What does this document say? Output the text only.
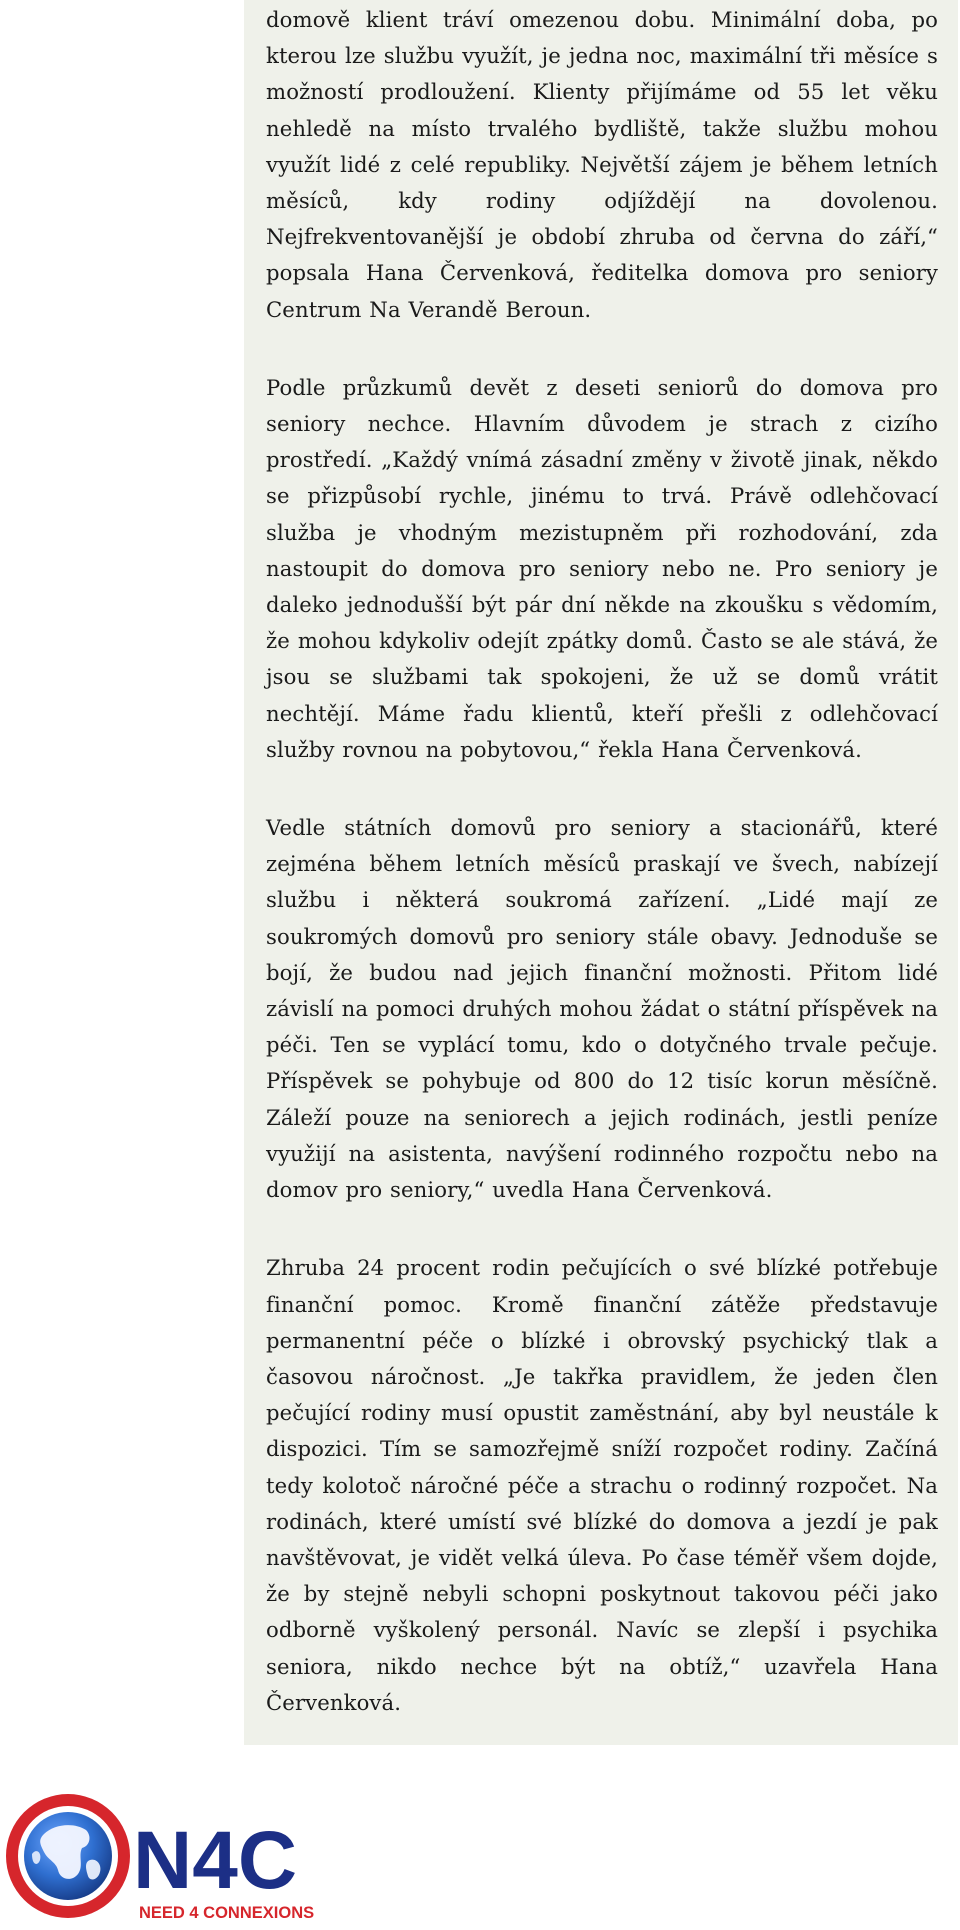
domově klient tráví omezenou dobu. Minimální doba, po kterou lze službu využít, je jedna noc, maximální tři měsíce s možností prodloužení. Klienty přijímáme od 55 let věku nehledě na místo trvalého bydliště, takže službu mohou využít lidé z celé republiky. Největší zájem je během letních měsíců, kdy rodiny odjíždějí na dovolenou. Nejfrekventovanější je období zhruba od června do září,“ popsala Hana Červenková, ředitelka domova pro seniory Centrum Na Verandě Beroun.

Podle průzkumů devět z deseti seniorů do domova pro seniory nechce. Hlavním důvodem je strach z cizího prostředí. „Každý vnímá zásadní změny v životě jinak, někdo se přizpůsobí rychle, jinému to trvá. Právě odlehčovací služba je vhodným mezistupněm při rozhodování, zda nastoupit do domova pro seniory nebo ne. Pro seniory je daleko jednodušší být pár dní někde na zkoušku s vědomím, že mohou kdykoliv odejít zpátky domů. Často se ale stává, že jsou se službami tak spokojeni, že už se domů vrátit nechtějí. Máme řadu klientů, kteří přešli z odlehčovací služby rovnou na pobytovou,“ řekla Hana Červenková.

Vedle státních domovů pro seniory a stacionářů, které zejména během letních měsíců praskají ve švech, nabízejí službu i některá soukromá zařízení. „Lidé mají ze soukromých domovů pro seniory stále obavy. Jednoduše se bojí, že budou nad jejich finanční možnosti. Přitom lidé závislí na pomoci druhých mohou žádat o státní příspěvek na péči. Ten se vyplácí tomu, kdo o dotyčného trvale pečuje. Příspěvek se pohybuje od 800 do 12 tisíc korun měsíčně. Záleží pouze na seniorech a jejich rodinách, jestli peníze využijí na asistenta, navýšení rodinného rozpočtu nebo na domov pro seniory,“ uvedla Hana Červenková.

Zhruba 24 procent rodin pečujících o své blízké potřebuje finanční pomoc. Kromě finanční zátěže představuje permanentní péče o blízké i obrovský psychický tlak a časovou náročnost. „Je takřka pravidlem, že jeden člen pečující rodiny musí opustit zaměstnání, aby byl neustále k dispozici. Tím se samozřejmě sníží rozpočet rodiny. Začíná tedy kolotoč náročné péče a strachu o rodinný rozpočet. Na rodinách, které umístí své blízké do domova a jezdí je pak navštěvovat, je vidět velká úleva. Po čase téměř všem dojde, že by stejně nebyli schopni poskytnout takovou péči jako odborně vyškolený personál. Navíc se zlepší i psychika seniora, nikdo nechce být na obtíž,“ uzavřela Hana Červenková.

N4C
NEED 4 CONNEXIONS
